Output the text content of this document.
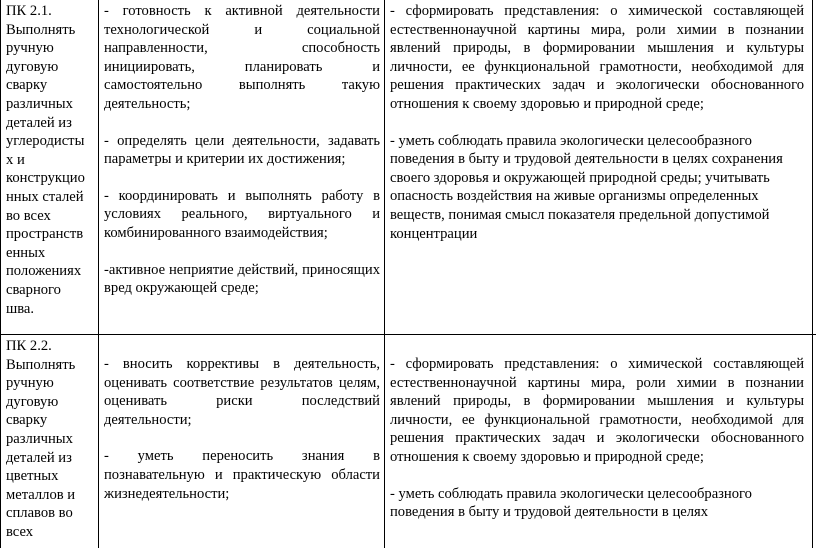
ПК 2.1.
Выполнять
ручную
дуговую
сварку
различных
деталей из
углеродисты
х и
конструкцио
нных сталей
во всех
пространств
енных
положениях
сварного
шва.
- готовность к активной деятельности технологической и социальной направленности, способность инициировать, планировать и самостоятельно выполнять такую деятельность;
- определять цели деятельности, задавать параметры и критерии их достижения;
- координировать и выполнять работу в условиях реального, виртуального и комбинированного взаимодействия;
-активное неприятие действий, приносящих вред окружающей среде;
- сформировать представления: о химической составляющей естественнонаучной картины мира, роли химии в познании явлений природы, в формировании мышления и культуры личности, ее функциональной грамотности, необходимой для решения практических задач и экологически обоснованного отношения к своему здоровью и природной среде;
- уметь соблюдать правила экологически целесообразного поведения в быту и трудовой деятельности в целях сохранения своего здоровья и окружающей природной среды; учитывать опасность воздействия на живые организмы определенных веществ, понимая смысл показателя предельной допустимой концентрации
ПК 2.2.
Выполнять
ручную
дуговую
сварку
различных
деталей из
цветных
металлов и
сплавов во
всех
- вносить коррективы в деятельность, оценивать соответствие результатов целям, оценивать риски последствий деятельности;
- уметь переносить знания в познавательную и практическую области жизнедеятельности;
- сформировать представления: о химической составляющей естественнонаучной картины мира, роли химии в познании явлений природы, в формировании мышления и культуры личности, ее функциональной грамотности, необходимой для решения практических задач и экологически обоснованного отношения к своему здоровью и природной среде;
- уметь соблюдать правила экологически целесообразного поведения в быту и трудовой деятельности в целях
